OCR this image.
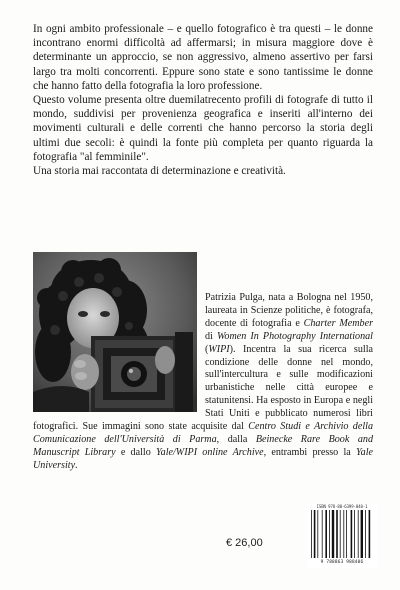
In ogni ambito professionale – e quello fotografico è tra questi – le donne incontrano enormi difficoltà ad affermarsi; in misura maggiore dove è determinante un approccio, se non aggressivo, almeno assertivo per farsi largo tra molti concorrenti. Eppure sono state e sono tantissime le donne che hanno fatto della fotografia la loro professione.

Questo volume presenta oltre duemilatrecento profili di fotografe di tutto il mondo, suddivisi per provenienza geografica e inseriti all'interno dei movimenti culturali e delle correnti che hanno percorso la storia degli ultimi due secoli: è quindi la fonte più completa per quanto riguarda la fotografia "al femminile".

Una storia mai raccontata di determinazione e creatività.

Patrizia Pulga, nata a Bologna nel 1950, laureata in Scienze politiche, è fotografa, docente di fotografia e Charter Member di Women In Photography International (WIPI). Incentra la sua ricerca sulla condizione delle donne nel mondo, sull'intercultura e sulle modificazioni urbanistiche nelle città europee e statunitensi. Ha esposto in Europa e negli Stati Uniti e pubblicato numerosi libri fotografici. Sue immagini sono state acquisite dal Centro Studi e Archivio della Comunicazione dell'Università di Parma, dalla Beinecke Rare Book and Manuscript Library e dallo Yale/WIPI online Archive, entrambi presso la Yale University.

€ 26,00
ISBN 978-88-6399-840-1
9 788863 988406
